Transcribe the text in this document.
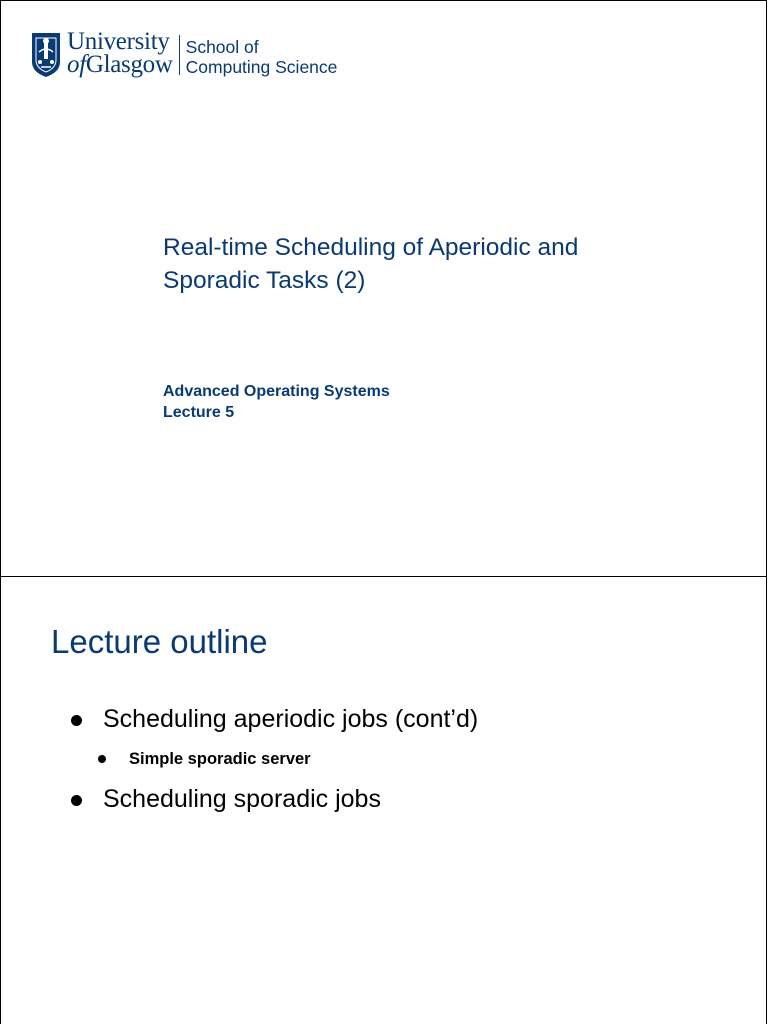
University
ofGlasgow
School of
Computing Science
Real-time Scheduling of Aperiodic and
Sporadic Tasks (2)
Advanced Operating Systems
Lecture 5
Lecture outline
Scheduling aperiodic jobs (cont’d)
Simple sporadic server
Scheduling sporadic jobs
